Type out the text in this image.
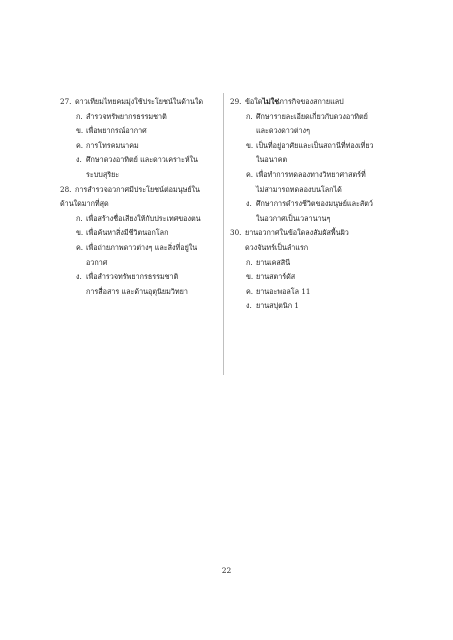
27. ดาวเทียมไทยคมมุ่งใช้ประโยชน์ในด้านใด
ก. สำรวจทรัพยากรธรรมชาติ
ข. เพื่อพยากรณ์อากาศ
ค. การโทรคมนาคม
ง. ศึกษาดวงอาทิตย์ และดาวเคราะห์ใน
ระบบสุริยะ
28. การสำรวจอวกาศมีประโยชน์ต่อมนุษย์ใน
ด้านใดมากที่สุด
ก. เพื่อสร้างชื่อเสียงให้กับประเทศของตน
ข. เพื่อค้นหาสิ่งมีชีวิตนอกโลก
ค. เพื่อถ่ายภาพดาวต่างๆ และสิ่งที่อยู่ใน
อวกาศ
ง. เพื่อสำรวจทรัพยากรธรรมชาติ
การสื่อสาร และด้านอุตุนิยมวิทยา
29. ข้อใดไม่ใช่ภารกิจของสกายแลป
ก. ศึกษารายละเอียดเกี่ยวกับดวงอาทิตย์
และดวงดาวต่างๆ
ข. เป็นที่อยู่อาศัยและเป็นสถานีที่ท่องเที่ยว
ในอนาคต
ค. เพื่อทำการทดลองทางวิทยาศาสตร์ที่
ไม่สามารถทดลองบนโลกได้
ง. ศึกษาการดำรงชีวิตของมนุษย์และสัตว์
ในอวกาศเป็นเวลานานๆ
30. ยานอวกาศในข้อใดลงสัมผัสพื้นผิว
ดวงจันทร์เป็นลำแรก
ก. ยานเคสสินี
ข. ยานสตาร์ดัส
ค. ยานอะพอลโล 11
ง. ยานสปุตนิก 1
22
